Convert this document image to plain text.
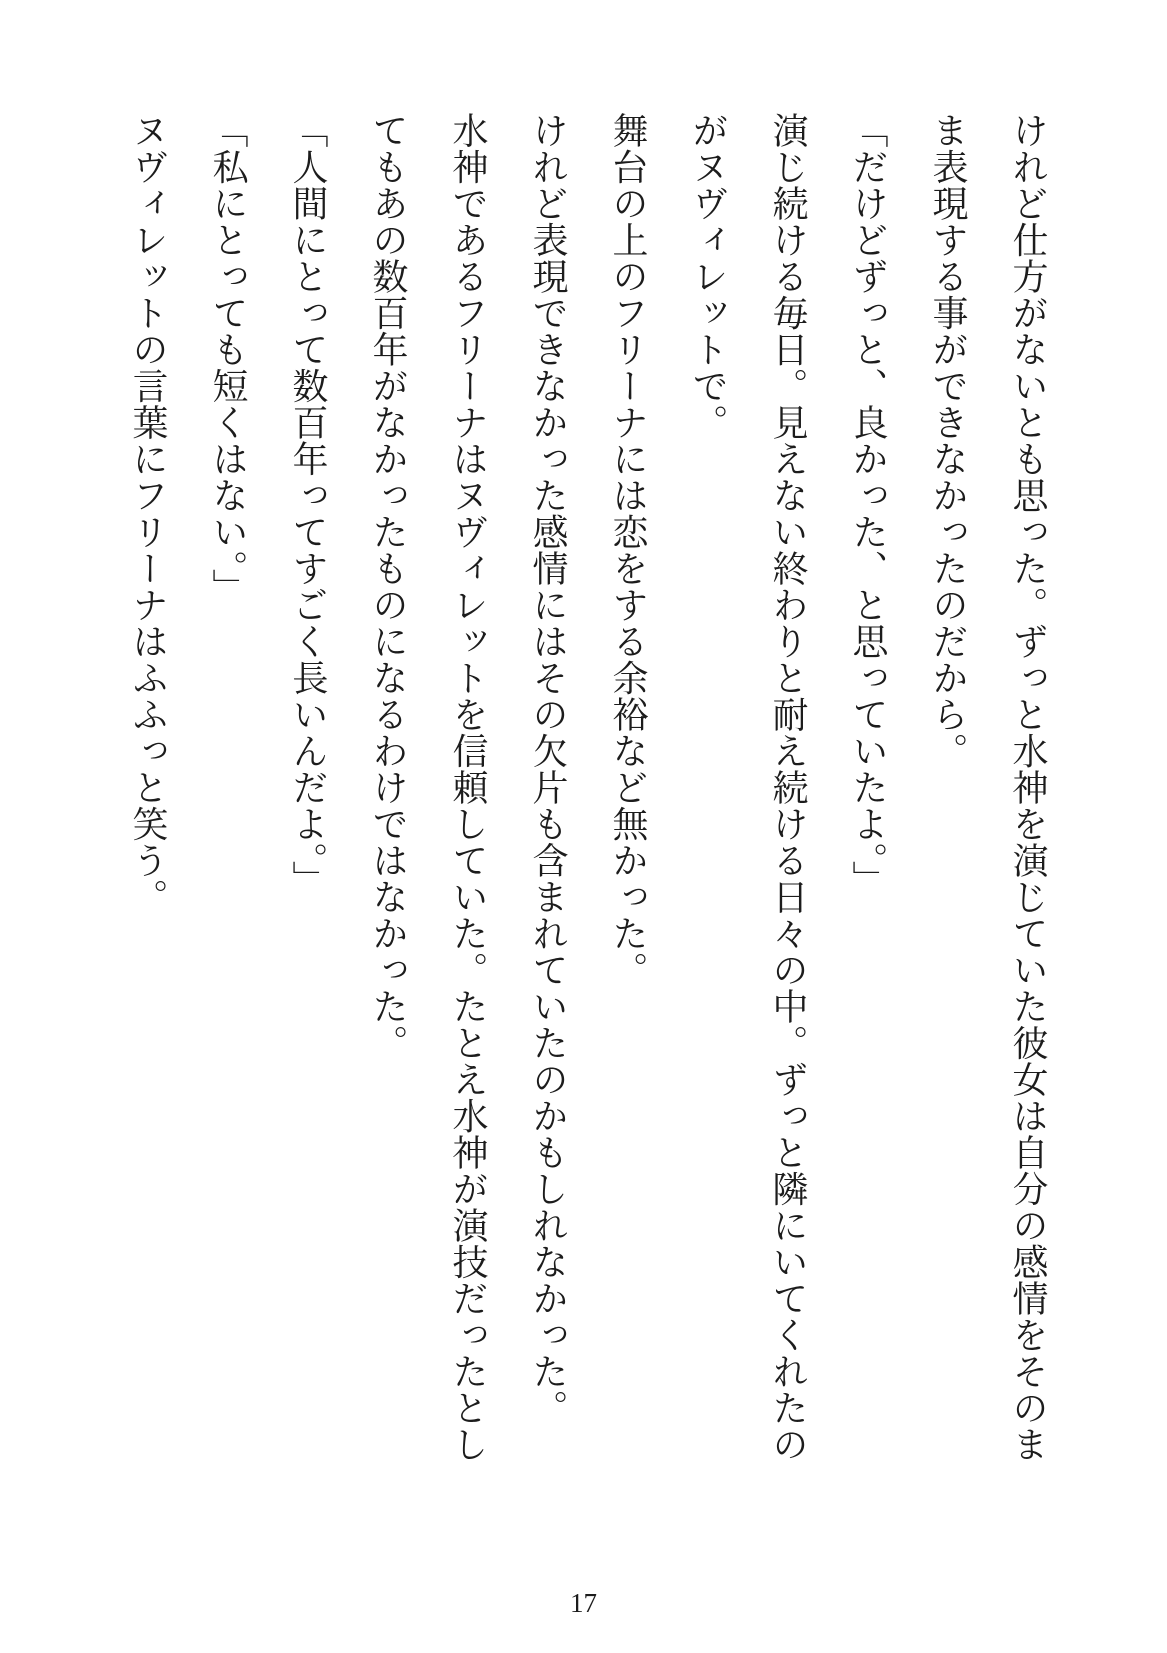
けれど仕方がないとも思った。ずっと水神を演じていた彼女は自分の感情をそのま
ま表現する事ができなかったのだから。
「だけどずっと、良かった、と思っていたよ。」
演じ続ける毎日。見えない終わりと耐え続ける日々の中。ずっと隣にいてくれたの
がヌヴィレットで。
舞台の上のフリーナには恋をする余裕など無かった。
けれど表現できなかった感情にはその欠片も含まれていたのかもしれなかった。
水神であるフリーナはヌヴィレットを信頼していた。たとえ水神が演技だったとし
てもあの数百年がなかったものになるわけではなかった。
「人間にとって数百年ってすごく長いんだよ。」
「私にとっても短くはない。」
ヌヴィレットの言葉にフリーナはふふっと笑う。
17
